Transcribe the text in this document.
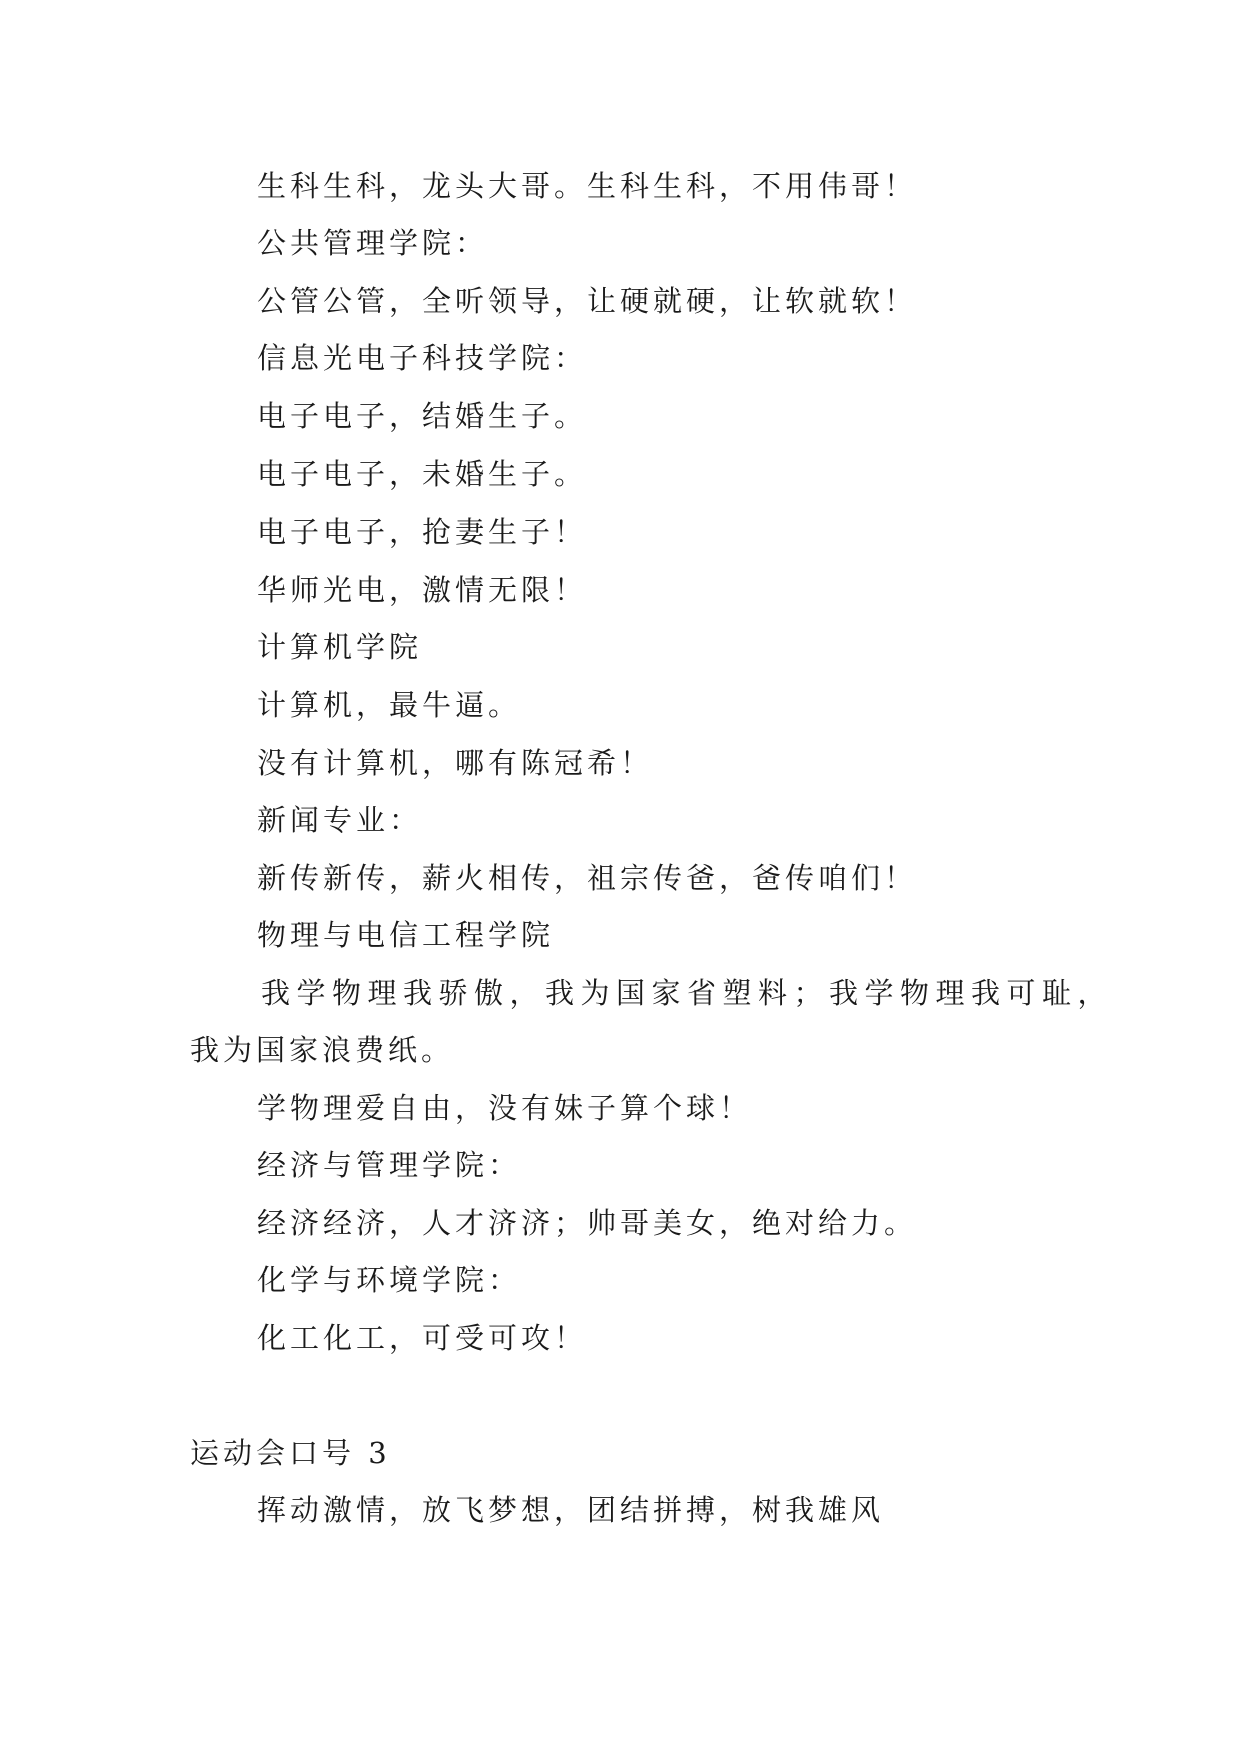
生科生科，龙头大哥。生科生科，不用伟哥！
公共管理学院：
公管公管，全听领导，让硬就硬，让软就软！
信息光电子科技学院：
电子电子，结婚生子。
电子电子，未婚生子。
电子电子，抢妻生子！
华师光电，激情无限！
计算机学院
计算机，最牛逼。
没有计算机，哪有陈冠希！
新闻专业：
新传新传，薪火相传，祖宗传爸，爸传咱们！
物理与电信工程学院
我学物理我骄傲，我为国家省塑料；我学物理我可耻，
我为国家浪费纸。
学物理爱自由，没有妹子算个球！
经济与管理学院：
经济经济，人才济济；帅哥美女，绝对给力。
化学与环境学院：
化工化工，可受可攻！
运动会口号 3
挥动激情，放飞梦想，团结拼搏，树我雄风
